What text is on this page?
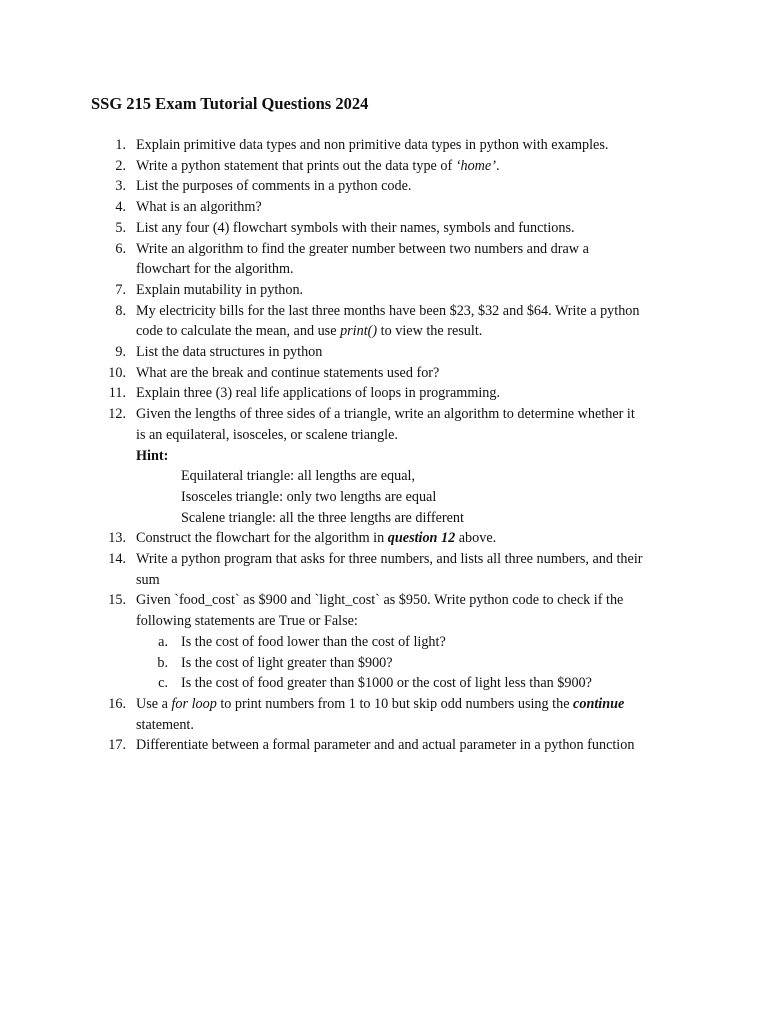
SSG 215 Exam Tutorial Questions 2024
1. Explain primitive data types and non primitive data types in python with examples.
2. Write a python statement that prints out the data type of ‘home’.
3. List the purposes of comments in a python code.
4. What is an algorithm?
5. List any four (4) flowchart symbols with their names, symbols and functions.
6. Write an algorithm to find the greater number between two numbers and draw a
flowchart for the algorithm.
7. Explain mutability in python.
8. My electricity bills for the last three months have been $23, $32 and $64. Write a python
code to calculate the mean, and use print() to view the result.
9. List the data structures in python
10. What are the break and continue statements used for?
11. Explain three (3) real life applications of loops in programming.
12. Given the lengths of three sides of a triangle, write an algorithm to determine whether it
is an equilateral, isosceles, or scalene triangle.
Hint:
Equilateral triangle: all lengths are equal,
Isosceles triangle: only two lengths are equal
Scalene triangle: all the three lengths are different
13. Construct the flowchart for the algorithm in question 12 above.
14. Write a python program that asks for three numbers, and lists all three numbers, and their
sum
15. Given `food_cost` as $900 and `light_cost` as $950. Write python code to check if the
following statements are True or False:
a. Is the cost of food lower than the cost of light?
b. Is the cost of light greater than $900?
c. Is the cost of food greater than $1000 or the cost of light less than $900?
16. Use a for loop to print numbers from 1 to 10 but skip odd numbers using the continue
statement.
17. Differentiate between a formal parameter and and actual parameter in a python function
